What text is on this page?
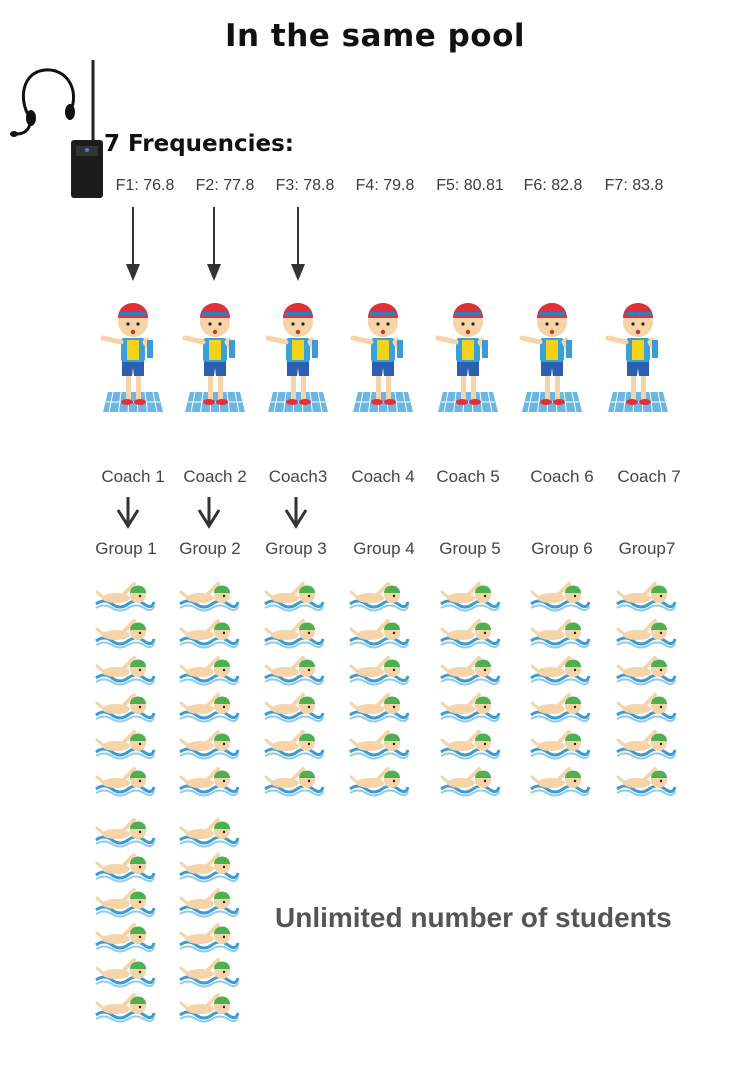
In the same pool
7 Frequencies:
F1: 76.8	F2: 77.8	F3: 78.8	F4: 79.8	F5: 80.81	F6: 82.8	F7: 83.8
Coach 1	Coach 2	Coach3	Coach 4	Coach 5	Coach 6	Coach 7
Group 1	Group 2	Group 3	Group 4	Group 5	Group 6	Group7
Unlimited number of students
